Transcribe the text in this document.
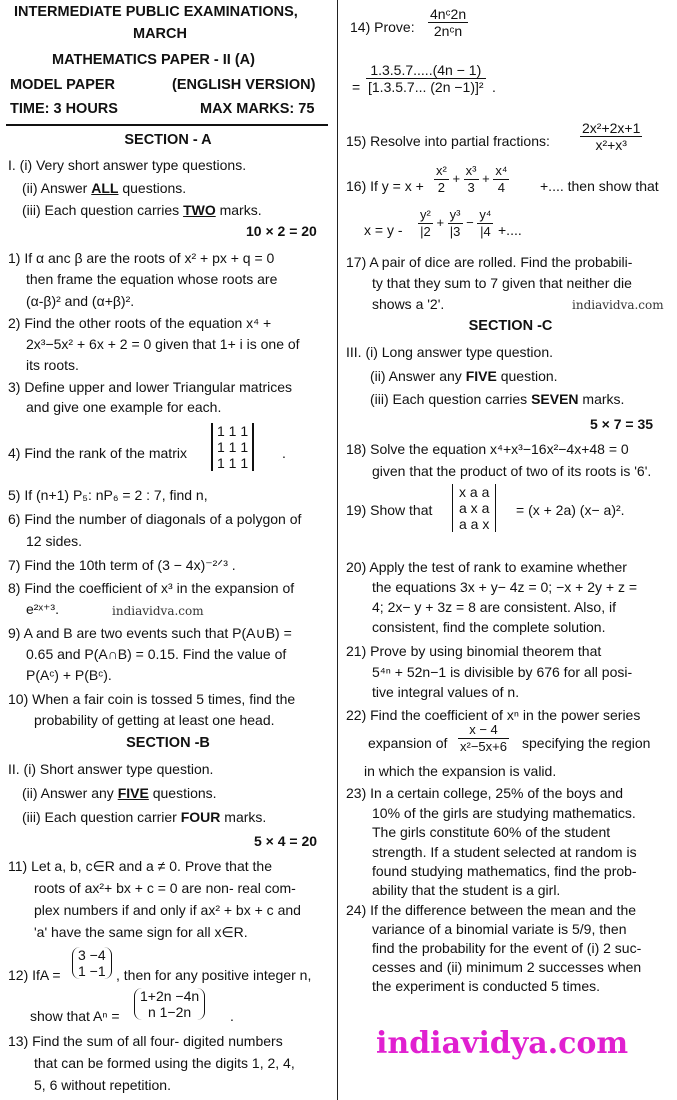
INTERMEDIATE PUBLIC EXAMINATIONS,
MARCH
MATHEMATICS PAPER - II (A)
MODEL PAPER	(ENGLISH VERSION)
TIME: 3 HOURS	MAX MARKS: 75
SECTION - A
I. (i) Very short answer type questions.
(ii) Answer ALL questions.
(iii) Each question carries TWO marks.
10 × 2 = 20
1) If α anc β are the roots of x² + px + q = 0
then frame the equation whose roots are
(α-β)² and (α+β)².
2) Find the other roots of the equation x⁴ +
2x³−5x² + 6x + 2 = 0 given that 1+ i is one of
its roots.
3) Define upper and lower Triangular matrices
and give one example for each.
4) Find the rank of the matrix
1 1 1
1 1 1
1 1 1
.
5) If (n+1) P₅: nP₆ = 2 : 7, find n,
6) Find the number of diagonals of a polygon of
12 sides.
7) Find the 10th term of (3 − 4x)⁻²ᐟ³ .
8) Find the coefficient of x³ in the expansion of
e²ˣ⁺³.	indiavidva.com
9) A and B are two events such that P(A∪B) =
0.65 and P(A∩B) = 0.15. Find the value of
P(Aᶜ) + P(Bᶜ).
10) When a fair coin is tossed 5 times, find the
probability of getting at least one head.
SECTION -B
II. (i) Short answer type question.
(ii) Answer any FIVE questions.
(iii) Each question carrier FOUR marks.
5 × 4 = 20
11) Let a, b, c∈R and a ≠ 0. Prove that the
roots of ax²+ bx + c = 0 are non- real com-
plex numbers if and only if ax² + bx + c and
'a' have the same sign for all x∈R.
12) IfA =
3 −4
1 −1 , then for any positive integer n,
show that Aⁿ =
1+2n −4n
n 1−2n	.
13) Find the sum of all four- digited numbers
that can be formed using the digits 1, 2, 4,
5, 6 without repetition.
14) Prove:
4nᶜ2n
2nᶜn
= $\frac{1.3.5.7.....(4n - 1)}{\text{[1.3.5.7... (2n −1)]²}}$ .
15) Resolve into partial fractions: $\frac{\text{2x²+2x+1}}{\text{x²+x³}}$
16) If $y = x + \frac{\text{x²}}{2} + \frac{\text{x³}}{3} + \frac{\text{x⁴}}{4}$ +.... then show that
$x = y - \frac{\text{y²}}{|2} + \frac{\text{y³}}{|3} - \frac{\text{y⁴}}{|4}$ +....
17) A pair of dice are rolled. Find the probabili-
ty that they sum to 7 given that neither die
shows a '2'.	indiavidva.com
SECTION -C
III. (i) Long answer type question.
(ii) Answer any FIVE question.
(iii) Each question carries SEVEN marks.
5 × 7 = 35
18) Solve the equation x⁴+x³−16x²−4x+48 = 0
given that the product of two of its roots is '6'.
19) Show that
x a a
a x a
a a x
= (x + 2a) (x− a)².
20) Apply the test of rank to examine whether
the equations 3x + y− 4z = 0; −x + 2y + z =
4; 2x− y + 3z = 8 are consistent. Also, if
consistent, find the complete solution.
21) Prove by using binomial theorem that
5⁴ⁿ + 52n−1 is divisible by 676 for all posi-
tive integral values of n.
22) Find the coefficient of xⁿ in the power series
expansion of $\frac{x - 4}{\text{x²−5x+6}}$ specifying the region
in which the expansion is valid.
23) In a certain college, 25% of the boys and
10% of the girls are studying mathematics.
The girls constitute 60% of the student
strength. If a student selected at random is
found studying mathematics, find the prob-
ability that the student is a girl.
24) If the difference between the mean and the
variance of a binomial variate is 5/9, then
find the probability for the event of (i) 2 suc-
cesses and (ii) minimum 2 successes when
the experiment is conducted 5 times.
indiavidya.com
